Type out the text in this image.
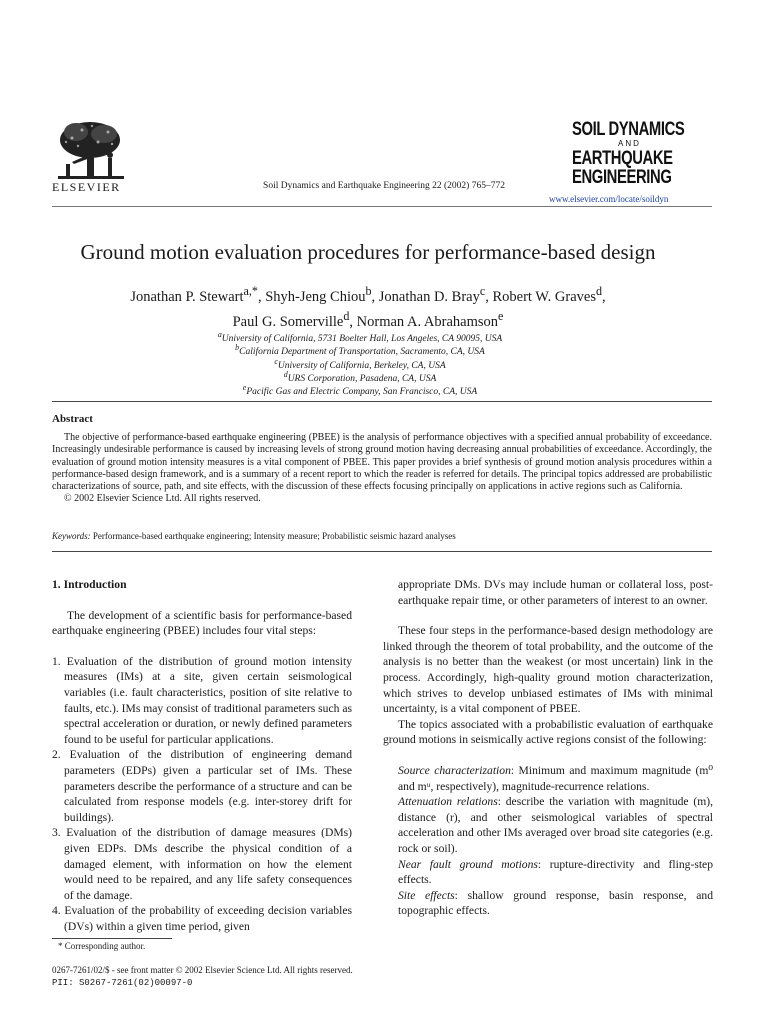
ELSEVIER	Soil Dynamics and Earthquake Engineering 22 (2002) 765–772
SOIL DYNAMICS
AND
EARTHQUAKE
ENGINEERING
www.elsevier.com/locate/soildyn
Ground motion evaluation procedures for performance-based design
Jonathan P. Stewart$^{a,*}$, Shyh-Jeng Chiou$^b$, Jonathan D. Bray$^c$, Robert W. Graves$^d$,
Paul G. Somerville$^d$, Norman A. Abrahamson$^e$
$^a$University of California, 5731 Boelter Hall, Los Angeles, CA 90095, USA
$^b$California Department of Transportation, Sacramento, CA, USA
$^c$University of California, Berkeley, CA, USA
$^d$URS Corporation, Pasadena, CA, USA
$^e$Pacific Gas and Electric Company, San Francisco, CA, USA
Abstract

The objective of performance-based earthquake engineering (PBEE) is the analysis of performance objectives with a specified annual probability of exceedance. Increasingly undesirable performance is caused by increasing levels of strong ground motion having decreasing annual probabilities of exceedance. Accordingly, the evaluation of ground motion intensity measures is a vital component of PBEE. This paper provides a brief synthesis of ground motion analysis procedures within a performance-based design framework, and is a summary of a recent report to which the reader is referred for details. The principal topics addressed are probabilistic characterizations of source, path, and site effects, with the discussion of these effects focusing principally on applications in active regions such as California.

© 2002 Elsevier Science Ltd. All rights reserved.

Keywords: Performance-based earthquake engineering; Intensity measure; Probabilistic seismic hazard analyses

1. Introduction

The development of a scientific basis for performance-based earthquake engineering (PBEE) includes four vital steps:

1. Evaluation of the distribution of ground motion intensity measures (IMs) at a site, given certain seismological variables (i.e. fault characteristics, position of site relative to faults, etc.). IMs may consist of traditional parameters such as spectral acceleration or duration, or newly defined parameters found to be useful for particular applications.
2. Evaluation of the distribution of engineering demand parameters (EDPs) given a particular set of IMs. These parameters describe the performance of a structure and can be calculated from response models (e.g. inter-storey drift for buildings).
3. Evaluation of the distribution of damage measures (DMs) given EDPs. DMs describe the physical condition of a damaged element, with information on how the element would need to be repaired, and any life safety consequences of the damage.
4. Evaluation of the probability of exceeding decision variables (DVs) within a given time period, given

appropriate DMs. DVs may include human or collateral loss, post-earthquake repair time, or other parameters of interest to an owner.

These four steps in the performance-based design methodology are linked through the theorem of total probability, and the outcome of the analysis is no better than the weakest (or most uncertain) link in the process. Accordingly, high-quality ground motion characterization, which strives to develop unbiased estimates of IMs with minimal uncertainty, is a vital component of PBEE.

The topics associated with a probabilistic evaluation of earthquake ground motions in seismically active regions consist of the following:

Source characterization: Minimum and maximum magnitude (m⁰ and mᵘ, respectively), magnitude-recurrence relations.

Attenuation relations: describe the variation with magnitude (m), distance (r), and other seismological variables of spectral acceleration and other IMs averaged over broad site categories (e.g. rock or soil).

Near fault ground motions: rupture-directivity and fling-step effects.

Site effects: shallow ground response, basin response, and topographic effects.

* Corresponding author.
0267-7261/02/$ - see front matter © 2002 Elsevier Science Ltd. All rights reserved.
PII: S0267-7261(02)00097-0
